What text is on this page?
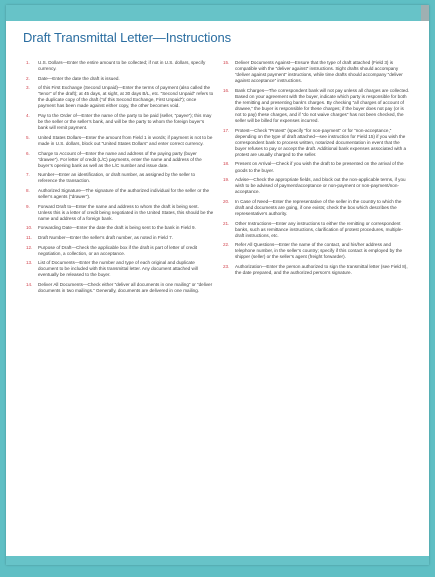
Draft Transmittal Letter—Instructions
1. U.S. Dollars—Enter the entire amount to be collected; if not in U.S. dollars, specify currency.
2. Date—Enter the date the draft is issued.
3. of this First Exchange (Second Unpaid)—Enter the terms of payment (also called the “tenor” of the draft); at 45 days, at sight, at 30 days B/L, etc. “Second Unpaid” refers to the duplicate copy of the draft (“of this Second Exchange, First Unpaid”); once payment has been made against either copy, the other becomes void.
4. Pay to the Order of—Enter the name of the party to be paid (seller, “payee”); this may be the seller or the seller’s bank, and will be the party to whom the foreign buyer’s bank will remit payment.
5. United States Dollars—Enter the amount from Field 1 in words; if payment is not to be made in U.S. dollars, block out “United States Dollars” and enter correct currency.
6. Charge to Account of—Enter the name and address of the paying party (buyer “drawee”). For letter of credit (L/C) payments, enter the name and address of the buyer’s opening bank as well as the L/C number and issue date.
7. Number—Enter an identification, or draft number, as assigned by the seller to reference the transaction.
8. Authorized Signature—The signature of the authorized individual for the seller or the seller’s agents (“drawer”).
9. Forward Draft to—Enter the name and address to whom the draft is being sent. Unless this is a letter of credit being negotiated in the United States, this should be the name and address of a foreign bank.
10. Forwarding Date—Enter the date the draft is being sent to the bank in Field 9.
11. Draft Number—Enter the seller’s draft number, as noted in Field 7.
12. Purpose of Draft—Check the applicable box if the draft is part of letter of credit negotiation, a collection, or an acceptance.
13. List of Documents—Enter the number and type of each original and duplicate document to be included with this transmittal letter. Any document attached will eventually be released to the buyer.
14. Deliver All Documents—Check either “deliver all documents in one mailing” or “deliver documents in two mailings.” Generally, documents are delivered in one mailing.
15. Deliver Documents Against—Ensure that the type of draft attached (Field 3) is compatible with the “deliver against” instructions. Sight drafts should accompany “deliver against payment” instructions, while time drafts should accompany “deliver against acceptance” instructions.
16. Bank Charges—The correspondent bank will not pay unless all charges are collected. Based on your agreement with the buyer, indicate which party is responsible for both the remitting and presenting bank’s charges. By checking “all charges of account of drawee,” the buyer is responsible for these charges; if the buyer does not pay (or is not to pay) these charges, and if “do not waive charges” has not been checked, the seller will be billed for expenses incurred.
17. Protest—Check “Protest” (specify “for non-payment” or for “non-acceptance,” depending on the type of draft attached—see instruction for Field 15) if you wish the correspondent bank to process written, notarized documentation in event that the buyer refuses to pay or accept the draft. Additional bank expenses associated with a protest are usually charged to the seller.
18. Present on Arrival—Check if you wish the draft to be presented on the arrival of the goods to the buyer.
19. Advise—Check the appropriate fields, and block out the non-applicable terms, if you wish to be advised of payment/acceptance or non-payment or non-payment/non-acceptance.
20. In Case of Need—Enter the representative of the seller in the country to which the draft and documents are going, if one exists; check the box which describes the representative’s authority.
21. Other Instructions—Enter any instructions to either the remitting or correspondent banks, such as remittance instructions, clarification of protest procedures, multiple-draft instructions, etc.
22. Refer All Questions—Enter the name of the contact, and his/her address and telephone number, in the seller’s country; specify if this contact is employed by the shipper (seller) or the seller’s agent (freight forwarder).
23. Authorization—Enter the person authorized to sign the transmittal letter (see Field 8), the date prepared, and the authorized person’s signature.
